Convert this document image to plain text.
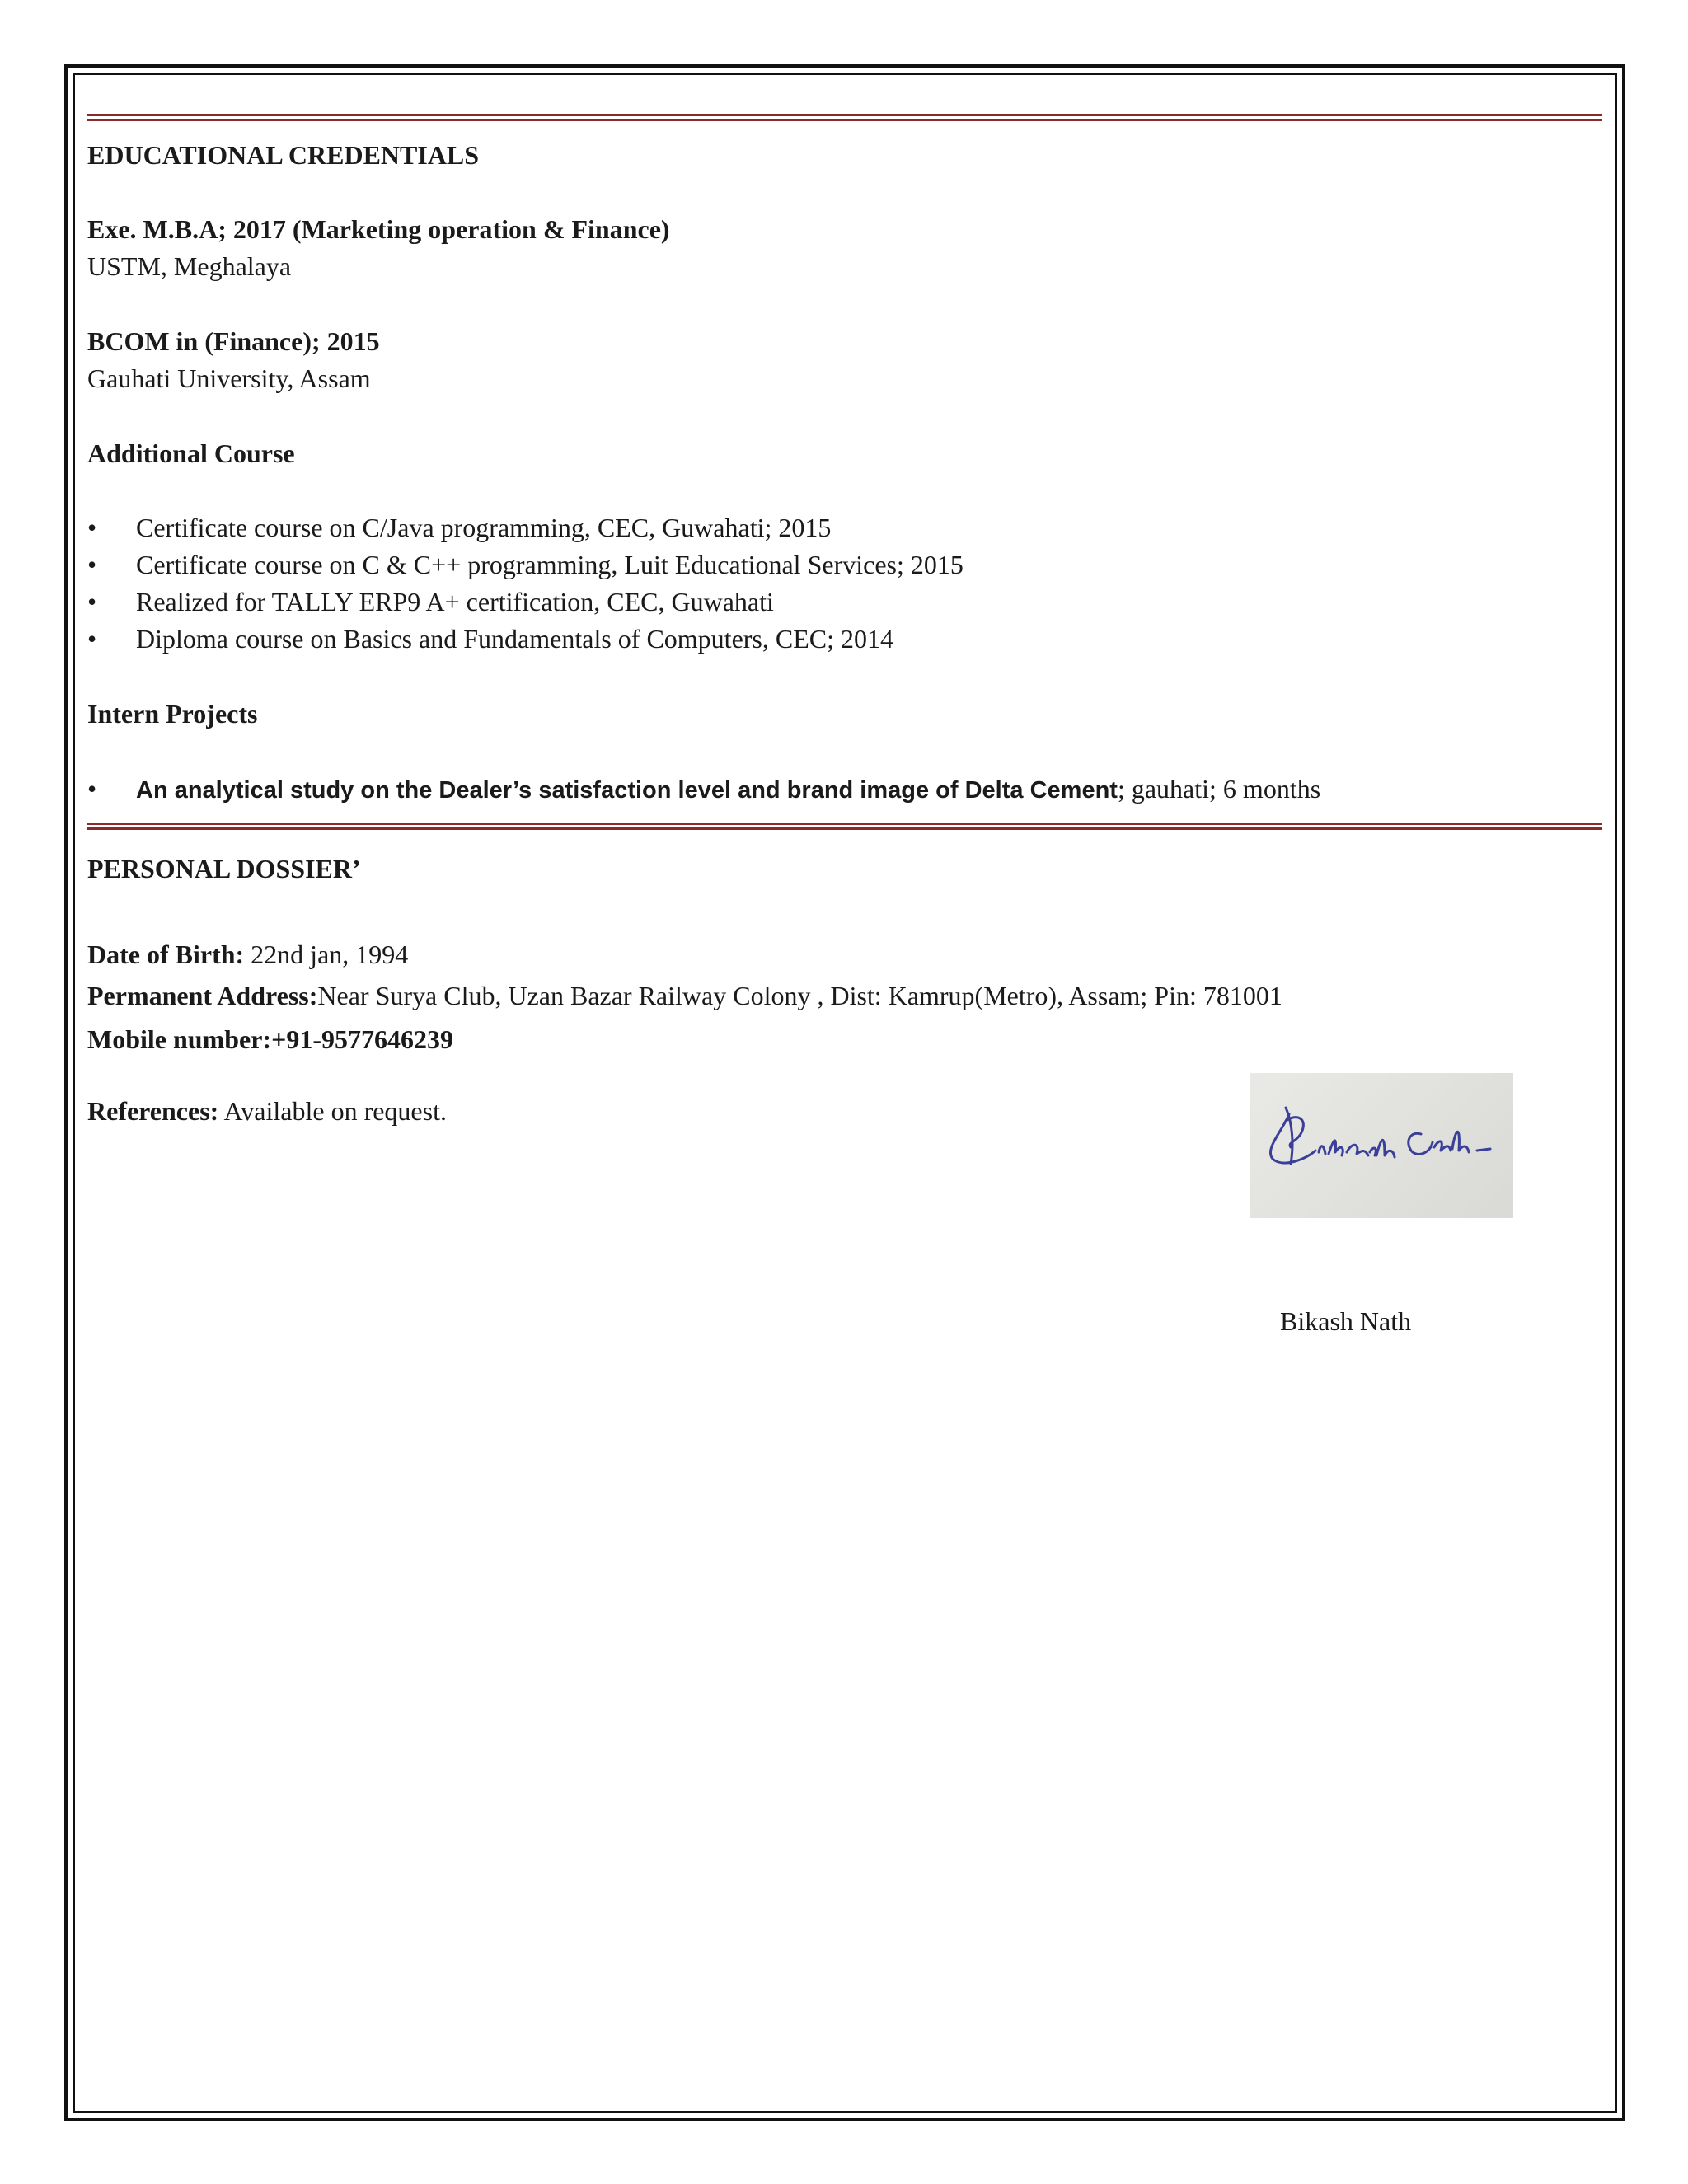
EDUCATIONAL CREDENTIALS
Exe. M.B.A; 2017 (Marketing operation & Finance)
USTM, Meghalaya
BCOM in (Finance); 2015
Gauhati University, Assam
Additional Course
• Certificate course on C/Java programming, CEC, Guwahati; 2015
• Certificate course on C & C++ programming, Luit Educational Services; 2015
• Realized for TALLY ERP9 A+ certification, CEC, Guwahati
• Diploma course on Basics and Fundamentals of Computers, CEC; 2014
Intern Projects
• An analytical study on the Dealer’s satisfaction level and brand image of Delta Cement; gauhati; 6 months
PERSONAL DOSSIER’
Date of Birth: 22nd jan, 1994
Permanent Address:Near Surya Club, Uzan Bazar Railway Colony , Dist: Kamrup(Metro), Assam; Pin: 781001
Mobile number:+91-9577646239
References: Available on request.
Bikash Nath
